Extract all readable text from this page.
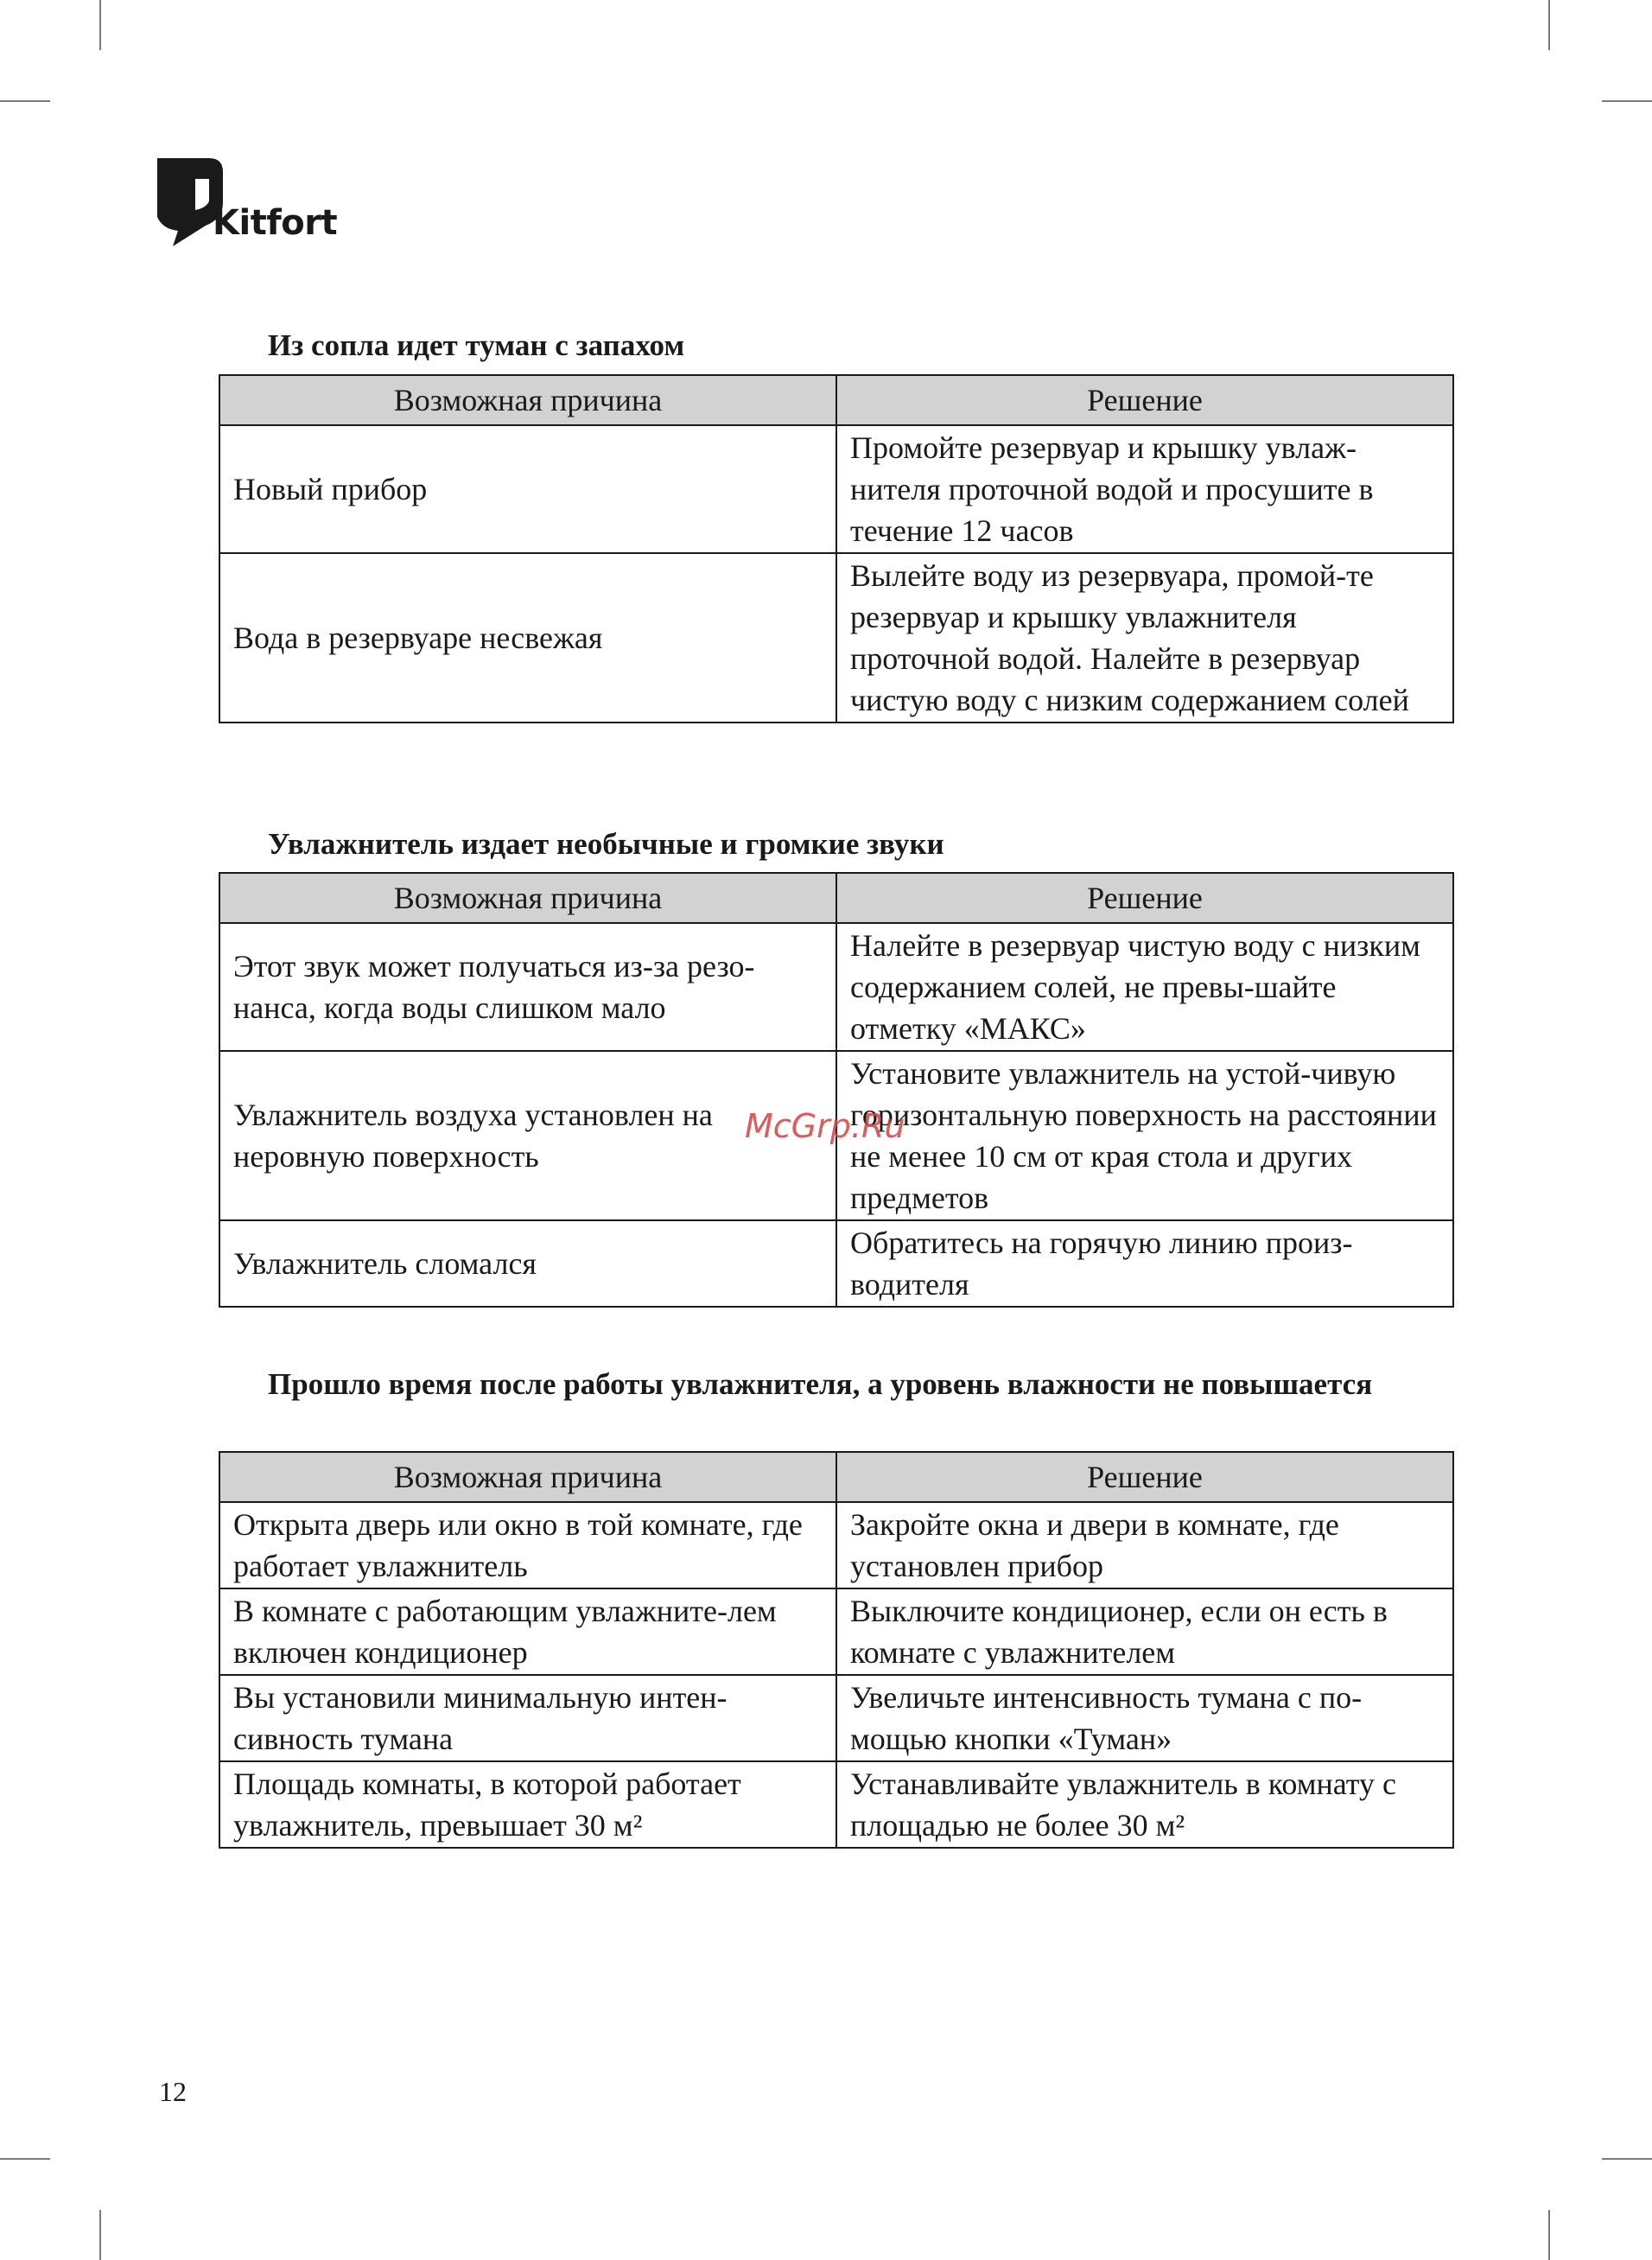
Kitfort
Из сопла идет туман с запахом
Возможная причина	Решение
Новый прибор	Промойте резервуар и крышку увлаж-нителя проточной водой и просушите в течение 12 часов
Вода в резервуаре несвежая	Вылейте воду из резервуара, промой-те резервуар и крышку увлажнителя проточной водой. Налейте в резервуар чистую воду с низким содержанием солей
Увлажнитель издает необычные и громкие звуки
Возможная причина	Решение
Этот звук может получаться из-за резо-нанса, когда воды слишком мало	Налейте в резервуар чистую воду с низким содержанием солей, не превы-шайте отметку «МАКС»
Увлажнитель воздуха установлен на неровную поверхность	Установите увлажнитель на устой-чивую горизонтальную поверхность на расстоянии не менее 10 см от края стола и других предметов
Увлажнитель сломался	Обратитесь на горячую линию произ-водителя
Прошло время после работы увлажнителя, а уровень влажности не повышается
Возможная причина	Решение
Открыта дверь или окно в той комнате, где работает увлажнитель	Закройте окна и двери в комнате, где установлен прибор
В комнате с работающим увлажните-лем включен кондиционер	Выключите кондиционер, если он есть в комнате с увлажнителем
Вы установили минимальную интен-сивность тумана	Увеличьте интенсивность тумана с по-мощью кнопки «Туман»
Площадь комнаты, в которой работает увлажнитель, превышает 30 м²	Устанавливайте увлажнитель в комнату с площадью не более 30 м²
McGrp.Ru
12
